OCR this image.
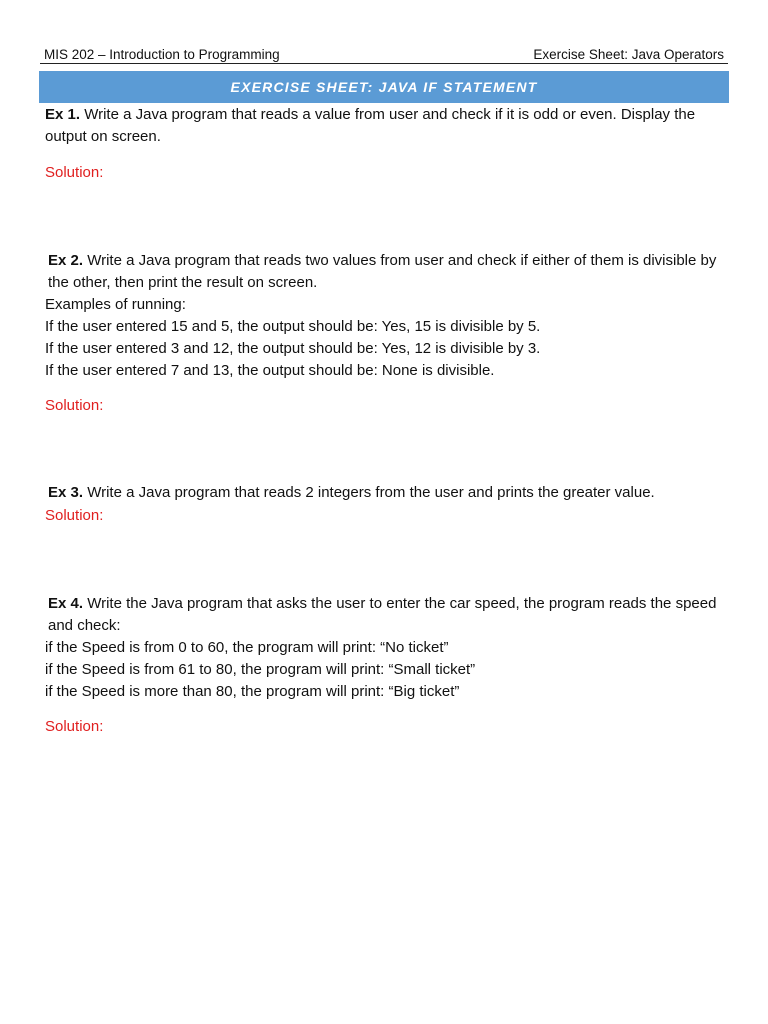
MIS 202 – Introduction to Programming	Exercise Sheet: Java Operators
EXERCISE SHEET: JAVA IF STATEMENT

Ex 1. Write a Java program that reads a value from user and check if it is odd or even. Display the output on screen.

Solution:

Ex 2. Write a Java program that reads two values from user and check if either of them is divisible by the other, then print the result on screen.

Examples of running:

If the user entered 15 and 5, the output should be: Yes, 15 is divisible by 5.

If the user entered 3 and 12, the output should be: Yes, 12 is divisible by 3.

If the user entered 7 and 13, the output should be: None is divisible.

Solution:

Ex 3. Write a Java program that reads 2 integers from the user and prints the greater value.

Solution:

Ex 4. Write the Java program that asks the user to enter the car speed, the program reads the speed and check:

if the Speed is from 0 to 60, the program will print: “No ticket”

if the Speed is from 61 to 80, the program will print: “Small ticket”

if the Speed is more than 80, the program will print: “Big ticket”

Solution:
